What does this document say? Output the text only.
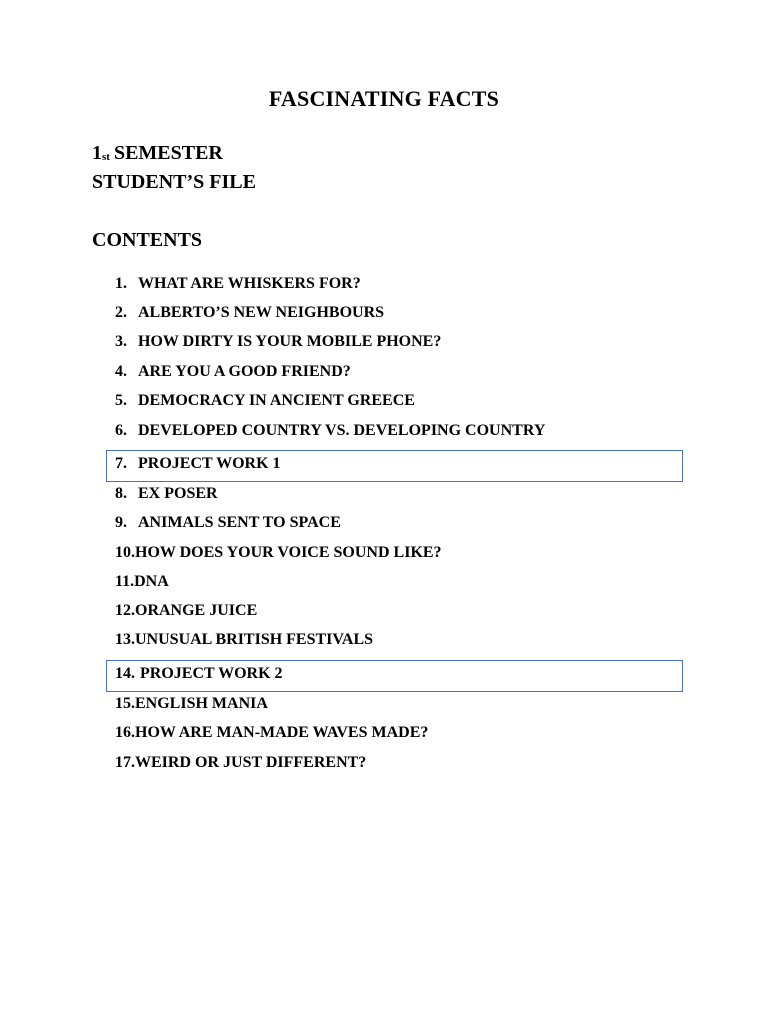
FASCINATING FACTS
1st SEMESTER
STUDENT’S FILE
CONTENTS
1. WHAT ARE WHISKERS FOR?
2. ALBERTO’S NEW NEIGHBOURS
3. HOW DIRTY IS YOUR MOBILE PHONE?
4. ARE YOU A GOOD FRIEND?
5. DEMOCRACY IN ANCIENT GREECE
6. DEVELOPED COUNTRY VS. DEVELOPING COUNTRY
7. PROJECT WORK 1
8. EX POSER
9. ANIMALS SENT TO SPACE
10.HOW DOES YOUR VOICE SOUND LIKE?
11.DNA
12.ORANGE JUICE
13.UNUSUAL BRITISH FESTIVALS
14. PROJECT WORK 2
15.ENGLISH MANIA
16.HOW ARE MAN-MADE WAVES MADE?
17.WEIRD OR JUST DIFFERENT?
